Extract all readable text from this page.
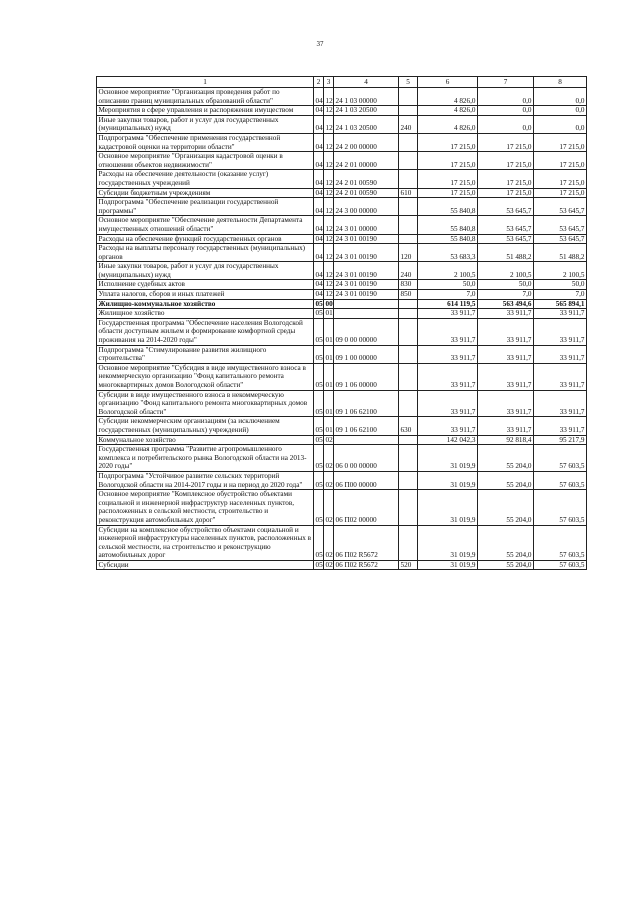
37
1	2	3	4	5	6	7	8
Основное мероприятие "Организация проведения работ по описанию границ муниципальных образований области"	04	12	24 1 03 00000		4 826,0	0,0	0,0
Мероприятия в сфере управления и распоряжения имуществом	04	12	24 1 03 20500		4 826,0	0,0	0,0
Иные закупки товаров, работ и услуг для государственных (муниципальных) нужд	04	12	24 1 03 20500	240	4 826,0	0,0	0,0
Подпрограмма "Обеспечение применения государственной кадастровой оценки на территории области"	04	12	24 2 00 00000		17 215,0	17 215,0	17 215,0
Основное мероприятие "Организация кадастровой оценки в отношении объектов недвижимости"	04	12	24 2 01 00000		17 215,0	17 215,0	17 215,0
Расходы на обеспечение деятельности (оказание услуг) государственных учреждений	04	12	24 2 01 00590		17 215,0	17 215,0	17 215,0
Субсидии бюджетным учреждениям	04	12	24 2 01 00590	610	17 215,0	17 215,0	17 215,0
Подпрограмма "Обеспечение реализации государственной программы"	04	12	24 3 00 00000		55 840,8	53 645,7	53 645,7
Основное мероприятие "Обеспечение деятельности Департамента имущественных отношений области"	04	12	24 3 01 00000		55 840,8	53 645,7	53 645,7
Расходы на обеспечение функций государственных органов	04	12	24 3 01 00190		55 840,8	53 645,7	53 645,7
Расходы на выплаты персоналу государственных (муниципальных) органов	04	12	24 3 01 00190	120	53 683,3	51 488,2	51 488,2
Иные закупки товаров, работ и услуг для государственных (муниципальных) нужд	04	12	24 3 01 00190	240	2 100,5	2 100,5	2 100,5
Исполнение судебных актов	04	12	24 3 01 00190	830	50,0	50,0	50,0
Уплата налогов, сборов и иных платежей	04	12	24 3 01 00190	850	7,0	7,0	7,0
Жилищно-коммунальное хозяйство	05	00			614 119,5	563 494,6	565 894,1
Жилищное хозяйство	05	01			33 911,7	33 911,7	33 911,7
Государственная программа "Обеспечение населения Вологодской области доступным жильем и формирование комфортной среды проживания на 2014-2020 годы"	05	01	09 0 00 00000		33 911,7	33 911,7	33 911,7
Подпрограмма "Стимулирование развития жилищного строительства"	05	01	09 1 00 00000		33 911,7	33 911,7	33 911,7
Основное мероприятие "Субсидия в виде имущественного взноса в некоммерческую организацию "Фонд капитального ремонта многоквартирных домов Вологодской области"	05	01	09 1 06 00000		33 911,7	33 911,7	33 911,7
Субсидии в виде имущественного взноса в некоммерческую организацию "Фонд капитального ремонта многоквартирных домов Вологодской области"	05	01	09 1 06 62100		33 911,7	33 911,7	33 911,7
Субсидии некоммерческим организациям (за исключением государственных (муниципальных) учреждений)	05	01	09 1 06 62100	630	33 911,7	33 911,7	33 911,7
Коммунальное хозяйство	05	02			142 042,3	92 818,4	95 217,9
Государственная программа "Развитие агропромышленного комплекса и потребительского рынка Вологодской области на 2013-2020 годы"	05	02	06 0 00 00000		31 019,9	55 204,0	57 603,5
Подпрограмма "Устойчивое развитие сельских территорий Вологодской области на 2014-2017 годы и на период до 2020 года"	05	02	06 П00 00000		31 019,9	55 204,0	57 603,5
Основное мероприятие "Комплексное обустройство объектами социальной и инженерной инфраструктур населенных пунктов, расположенных в сельской местности, строительство и реконструкция автомобильных дорог"	05	02	06 П02 00000		31 019,9	55 204,0	57 603,5
Субсидии на комплексное обустройство объектами социальной и инженерной инфраструктуры населенных пунктов, расположенных в сельской местности, на строительство и реконструкцию автомобильных дорог	05	02	06 П02 R5672		31 019,9	55 204,0	57 603,5
Субсидии	05	02	06 П02 R5672	520	31 019,9	55 204,0	57 603,5
